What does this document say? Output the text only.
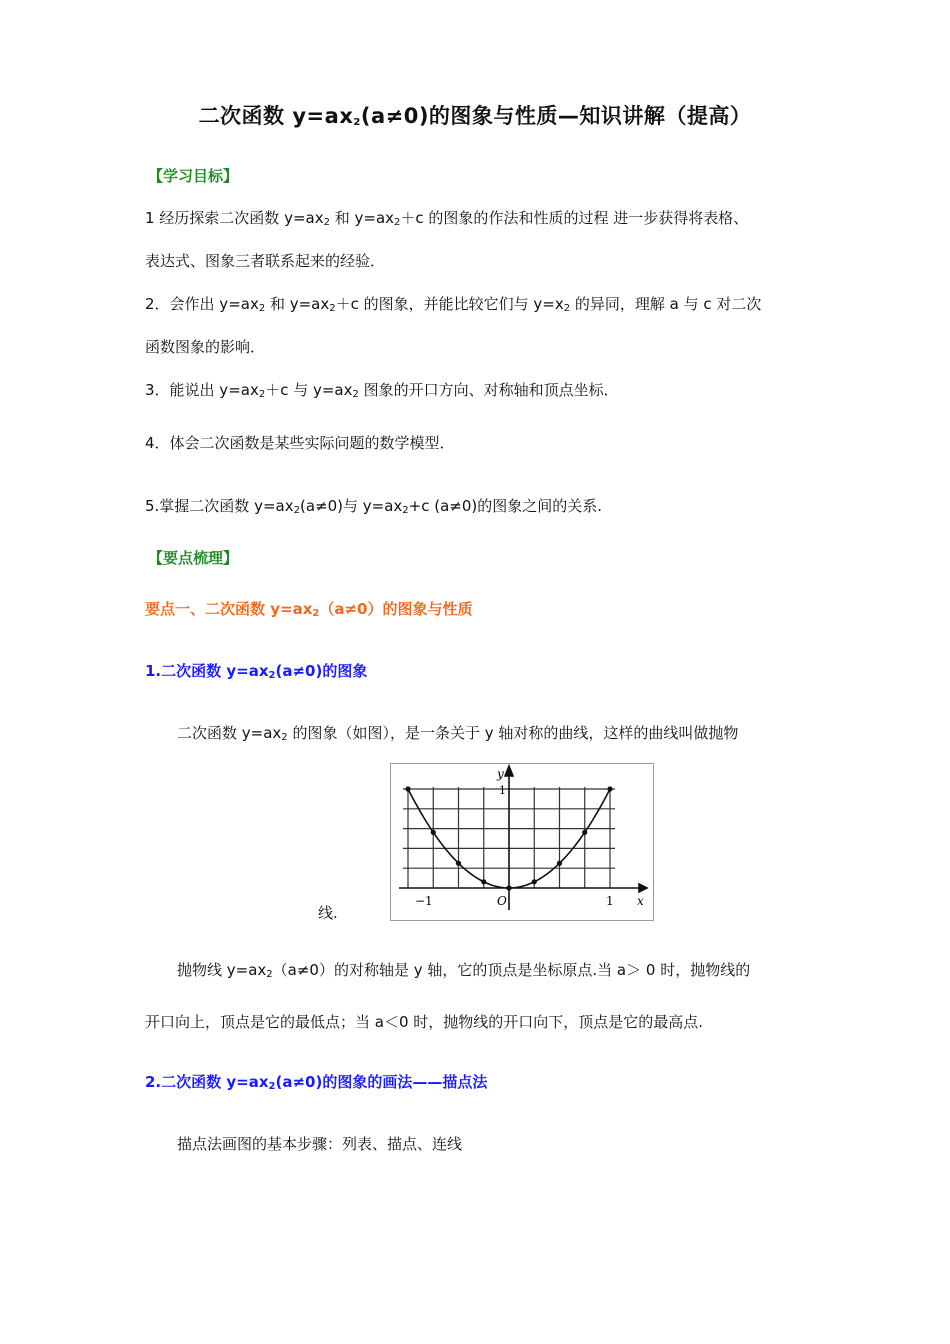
二次函数 $y=ax_2(a\ne 0)$的图象与性质—知识讲解（提高）
【学习目标】
1 经历探索二次函数 $y=ax_2$ 和 $y=ax_2+c$ 的图象的作法和性质的过程 进一步获得将表格、
表达式、图象三者联系起来的经验．
2．会作出 $y=ax_2$ 和 $y=ax_2+c$ 的图象，并能比较它们与 $y=x_2$ 的异同，理解 a 与 c 对二次
函数图象的影响．
3．能说出 $y=ax_2+c$ 与 $y=ax_2$ 图象的开口方向、对称轴和顶点坐标．
4．体会二次函数是某些实际问题的数学模型．
5.掌握二次函数 $y=ax_2(a\ne 0)$与 $y=ax_2+c$ (a≠0)的图象之间的关系.
【要点梳理】
要点一、二次函数 $y=ax_2(a\ne 0)$的图象与性质
1.二次函数 $y=ax_2(a\ne 0)$的图象
二次函数 $y=ax_2$ 的图象（如图），是一条关于 y 轴对称的曲线，这样的曲线叫做抛物
y
1
−1	O	1 x
线.
抛物线 $y=ax_2(a\ne 0)$的对称轴是 y 轴，它的顶点是坐标原点.当 a＞ 0 时，抛物线的
开口向上，顶点是它的最低点；当 a＜0 时，抛物线的开口向下，顶点是它的最高点.
2.二次函数 $y=ax_2(a\ne 0)$的图象的画法——描点法
描点法画图的基本步骤：列表、描点、连线
